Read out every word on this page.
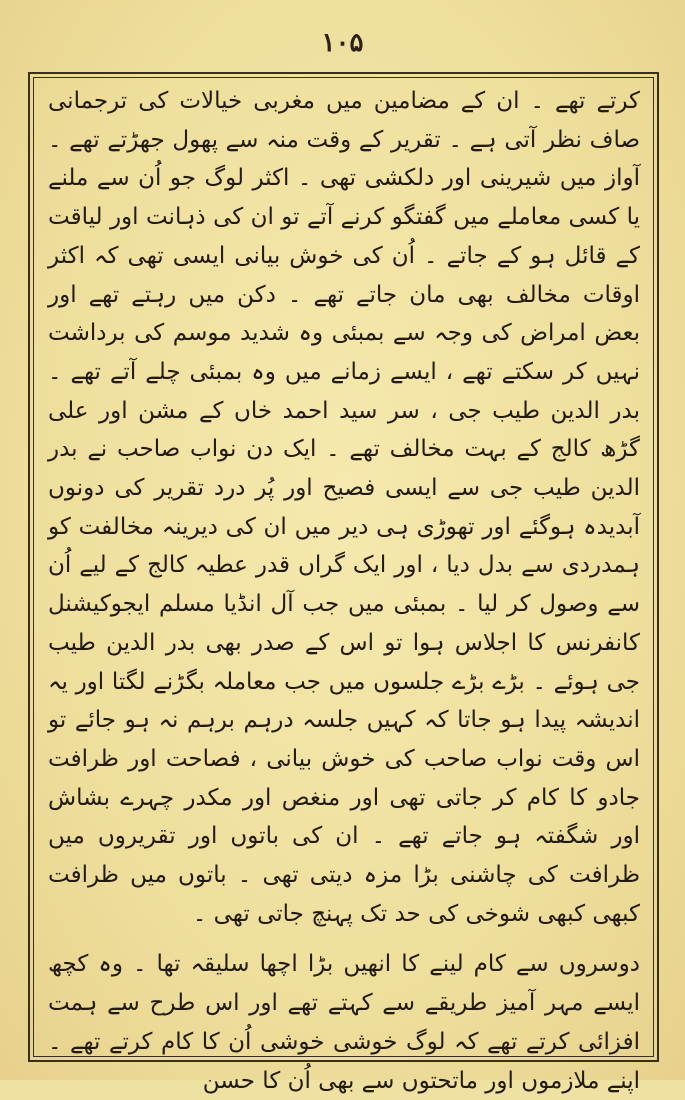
۱۰۵

کرتے تھے ۔ ان کے مضامین میں مغربی خیالات کی ترجمانی صاف نظر آتی ہے ۔ تقریر کے وقت منہ سے پھول جھڑتے تھے ۔ آواز میں شیرینی اور دلکشی تھی ۔ اکثر لوگ جو اُن سے ملنے یا کسی معاملے میں گفتگو کرنے آتے تو ان کی ذہانت اور لیاقت کے قائل ہو کے جاتے ۔ اُن کی خوش بیانی ایسی تھی کہ اکثر اوقات مخالف بھی مان جاتے تھے ۔ دکن میں رہتے تھے اور بعض امراض کی وجہ سے بمبئی وہ شدید موسم کی برداشت نہیں کر سکتے تھے ، ایسے زمانے میں وہ بمبئی چلے آتے تھے ۔ بدر الدین طیب جی ، سر سید احمد خاں کے مشن اور علی گڑھ کالج کے بہت مخالف تھے ۔ ایک دن نواب صاحب نے بدر الدین طیب جی سے ایسی فصیح اور پُر درد تقریر کی دونوں آبدیدہ ہوگئے اور تھوڑی ہی دیر میں ان کی دیرینہ مخالفت کو ہمدردی سے بدل دیا ، اور ایک گراں قدر عطیہ کالج کے لیے اُن سے وصول کر لیا ۔ بمبئی میں جب آل انڈیا مسلم ایجوکیشنل کانفرنس کا اجلاس ہوا تو اس کے صدر بھی بدر الدین طیب جی ہوئے ۔ بڑے بڑے جلسوں میں جب معاملہ بگڑنے لگتا اور یہ اندیشہ پیدا ہو جاتا کہ کہیں جلسہ درہم برہم نہ ہو جائے تو اس وقت نواب صاحب کی خوش بیانی ، فصاحت اور ظرافت جادو کا کام کر جاتی تھی اور منغص اور مکدر چہرے بشاش اور شگفتہ ہو جاتے تھے ۔ ان کی باتوں اور تقریروں میں ظرافت کی چاشنی بڑا مزہ دیتی تھی ۔ باتوں میں ظرافت کبھی کبھی شوخی کی حد تک پہنچ جاتی تھی ۔

دوسروں سے کام لینے کا انھیں بڑا اچھا سلیقہ تھا ۔ وہ کچھ ایسے مہر آمیز طریقے سے کہتے تھے اور اس طرح سے ہمت افزائی کرتے تھے کہ لوگ خوشی خوشی اُن کا کام کرتے تھے ۔ اپنے ملازموں اور ماتحتوں سے بھی اُن کا حسن
